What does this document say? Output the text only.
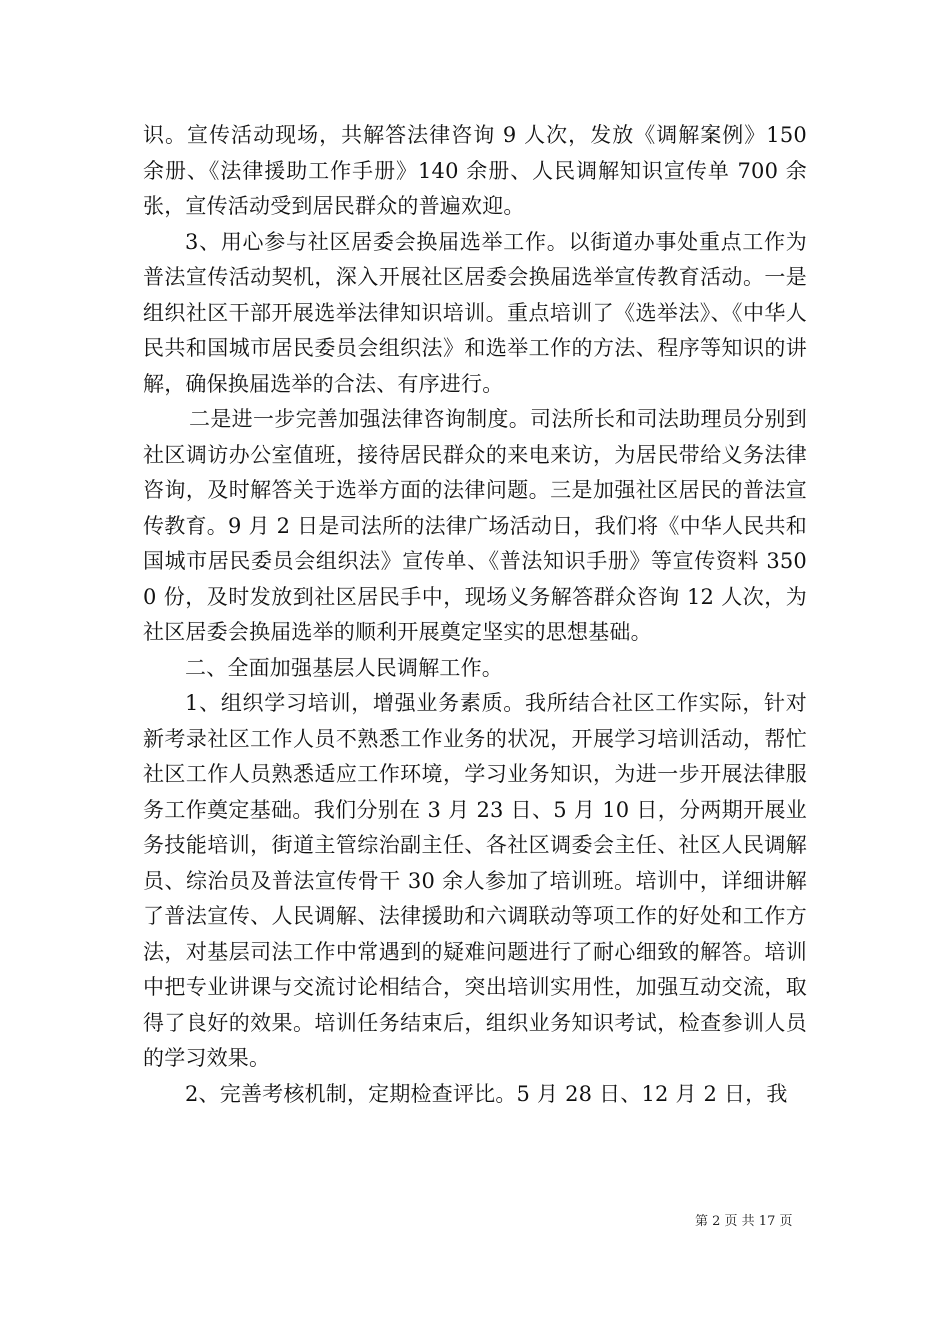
识。宣传活动现场，共解答法律咨询 9 人次，发放《调解案例》150 余册、《法律援助工作手册》140 余册、人民调解知识宣传单 700 余张，宣传活动受到居民群众的普遍欢迎。

3、用心参与社区居委会换届选举工作。以街道办事处重点工作为普法宣传活动契机，深入开展社区居委会换届选举宣传教育活动。一是组织社区干部开展选举法律知识培训。重点培训了《选举法》、《中华人民共和国城市居民委员会组织法》和选举工作的方法、程序等知识的讲解，确保换届选举的合法、有序进行。

二是进一步完善加强法律咨询制度。司法所长和司法助理员分别到社区调访办公室值班，接待居民群众的来电来访，为居民带给义务法律咨询，及时解答关于选举方面的法律问题。三是加强社区居民的普法宣传教育。9 月 2 日是司法所的法律广场活动日，我们将《中华人民共和国城市居民委员会组织法》宣传单、《普法知识手册》等宣传资料 3500 份，及时发放到社区居民手中，现场义务解答群众咨询 12 人次，为社区居委会换届选举的顺利开展奠定坚实的思想基础。

二、全面加强基层人民调解工作。

1、组织学习培训，增强业务素质。我所结合社区工作实际，针对新考录社区工作人员不熟悉工作业务的状况，开展学习培训活动，帮忙社区工作人员熟悉适应工作环境，学习业务知识，为进一步开展法律服务工作奠定基础。我们分别在 3 月 23 日、5 月 10 日，分两期开展业务技能培训，街道主管综治副主任、各社区调委会主任、社区人民调解员、综治员及普法宣传骨干 30 余人参加了培训班。培训中，详细讲解了普法宣传、人民调解、法律援助和六调联动等项工作的好处和工作方法，对基层司法工作中常遇到的疑难问题进行了耐心细致的解答。培训中把专业讲课与交流讨论相结合，突出培训实用性，加强互动交流，取得了良好的效果。培训任务结束后，组织业务知识考试，检查参训人员的学习效果。

2、完善考核机制，定期检查评比。5 月 28 日、12 月 2 日，我

第 2 页 共 17 页
